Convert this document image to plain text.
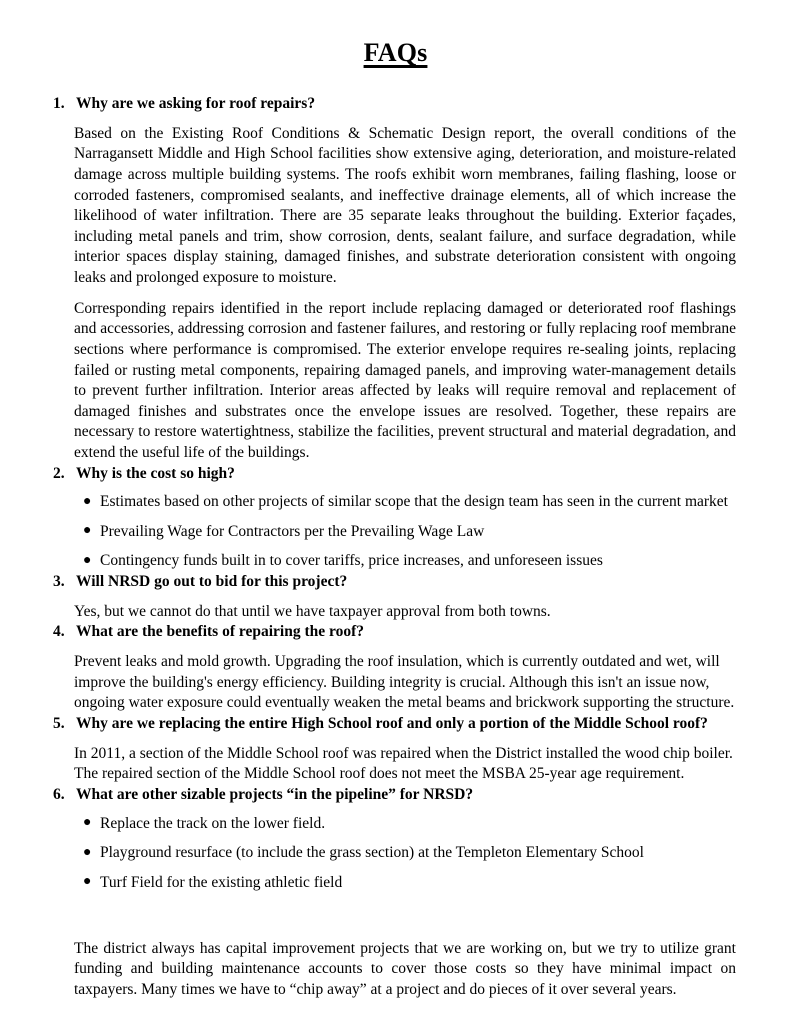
FAQs
1. Why are we asking for roof repairs?

Based on the Existing Roof Conditions & Schematic Design report, the overall conditions of the Narragansett Middle and High School facilities show extensive aging, deterioration, and moisture-related damage across multiple building systems. The roofs exhibit worn membranes, failing flashing, loose or corroded fasteners, compromised sealants, and ineffective drainage elements, all of which increase the likelihood of water infiltration. There are 35 separate leaks throughout the building. Exterior façades, including metal panels and trim, show corrosion, dents, sealant failure, and surface degradation, while interior spaces display staining, damaged finishes, and substrate deterioration consistent with ongoing leaks and prolonged exposure to moisture.

Corresponding repairs identified in the report include replacing damaged or deteriorated roof flashings and accessories, addressing corrosion and fastener failures, and restoring or fully replacing roof membrane sections where performance is compromised. The exterior envelope requires re-sealing joints, replacing failed or rusting metal components, repairing damaged panels, and improving water-management details to prevent further infiltration. Interior areas affected by leaks will require removal and replacement of damaged finishes and substrates once the envelope issues are resolved. Together, these repairs are necessary to restore watertightness, stabilize the facilities, prevent structural and material degradation, and extend the useful life of the buildings.

2. Why is the cost so high?
● Estimates based on other projects of similar scope that the design team has seen in the current market
● Prevailing Wage for Contractors per the Prevailing Wage Law
● Contingency funds built in to cover tariffs, price increases, and unforeseen issues
3. Will NRSD go out to bid for this project?

Yes, but we cannot do that until we have taxpayer approval from both towns.

4. What are the benefits of repairing the roof?

Prevent leaks and mold growth. Upgrading the roof insulation, which is currently outdated and wet, will improve the building's energy efficiency. Building integrity is crucial. Although this isn't an issue now, ongoing water exposure could eventually weaken the metal beams and brickwork supporting the structure.

5. Why are we replacing the entire High School roof and only a portion of the Middle School roof?

In 2011, a section of the Middle School roof was repaired when the District installed the wood chip boiler. The repaired section of the Middle School roof does not meet the MSBA 25-year age requirement.

6. What are other sizable projects “in the pipeline” for NRSD?
● Replace the track on the lower field.
● Playground resurface (to include the grass section) at the Templeton Elementary School
● Turf Field for the existing athletic field

The district always has capital improvement projects that we are working on, but we try to utilize grant funding and building maintenance accounts to cover those costs so they have minimal impact on taxpayers. Many times we have to “chip away” at a project and do pieces of it over several years.
